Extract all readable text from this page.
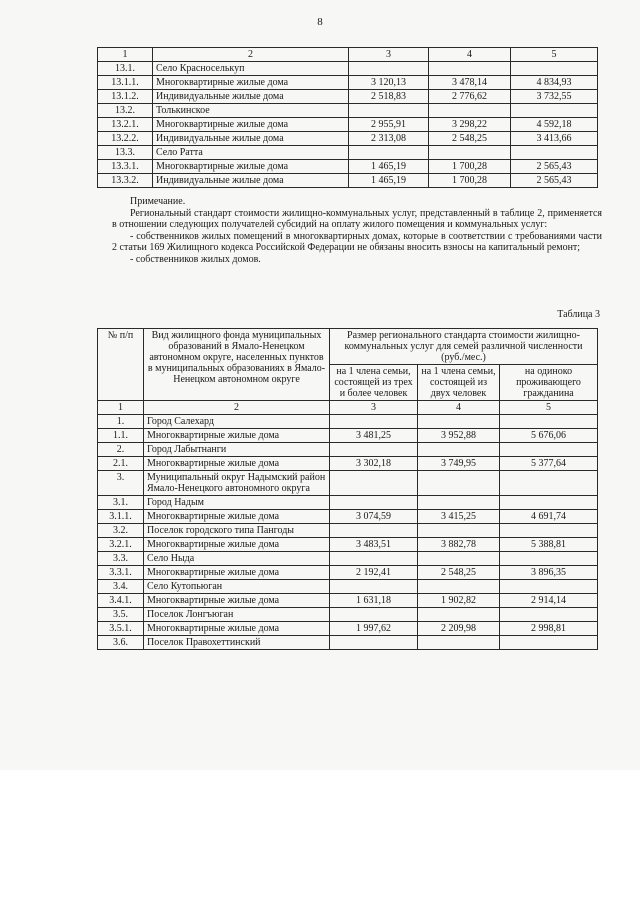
8
1	2	3	4	5
13.1.	Село Красноселькуп			
13.1.1.	Многоквартирные жилые дома	3 120,13	3 478,14	4 834,93
13.1.2.	Индивидуальные жилые дома	2 518,83	2 776,62	3 732,55
13.2.	Толькинское			
13.2.1.	Многоквартирные жилые дома	2 955,91	3 298,22	4 592,18
13.2.2.	Индивидуальные жилые дома	2 313,08	2 548,25	3 413,66
13.3.	Село Ратта			
13.3.1.	Многоквартирные жилые дома	1 465,19	1 700,28	2 565,43
13.3.2.	Индивидуальные жилые дома	1 465,19	1 700,28	2 565,43

Примечание.

Региональный стандарт стоимости жилищно-коммунальных услуг, представленный в таблице 2, применяется в отношении следующих получателей субсидий на оплату жилого помещения и коммунальных услуг:

- собственников жилых помещений в многоквартирных домах, которые в соответствии с требованиями части 2 статьи 169 Жилищного кодекса Российской Федерации не обязаны вносить взносы на капитальный ремонт;

- собственников жилых домов.

Таблица 3
№ п/п	Вид жилищного фонда муниципальных образований в Ямало-Ненецком автономном округе, населенных пунктов в муниципальных образованиях в Ямало-Ненецком автономном округе	Размер регионального стандарта стоимости жилищно-коммунальных услуг для семей различной численности (руб./мес.)		
		на 1 члена семьи, состоящей из трех и более человек	на 1 члена семьи, состоящей из двух человек	на одиноко проживающего гражданина
1	2	3	4	5
1.	Город Салехард			
1.1.	Многоквартирные жилые дома	3 481,25	3 952,88	5 676,06
2.	Город Лабытнанги			
2.1.	Многоквартирные жилые дома	3 302,18	3 749,95	5 377,64
3.	Муниципальный округ Надымский район Ямало-Ненецкого автономного округа			
3.1.	Город Надым			
3.1.1.	Многоквартирные жилые дома	3 074,59	3 415,25	4 691,74
3.2.	Поселок городского типа Пангоды			
3.2.1.	Многоквартирные жилые дома	3 483,51	3 882,78	5 388,81
3.3.	Село Ныда			
3.3.1.	Многоквартирные жилые дома	2 192,41	2 548,25	3 896,35
3.4.	Село Кутопьюган			
3.4.1.	Многоквартирные жилые дома	1 631,18	1 902,82	2 914,14
3.5.	Поселок Лонгъюган			
3.5.1.	Многоквартирные жилые дома	1 997,62	2 209,98	2 998,81
3.6.	Поселок Правохеттинский			
